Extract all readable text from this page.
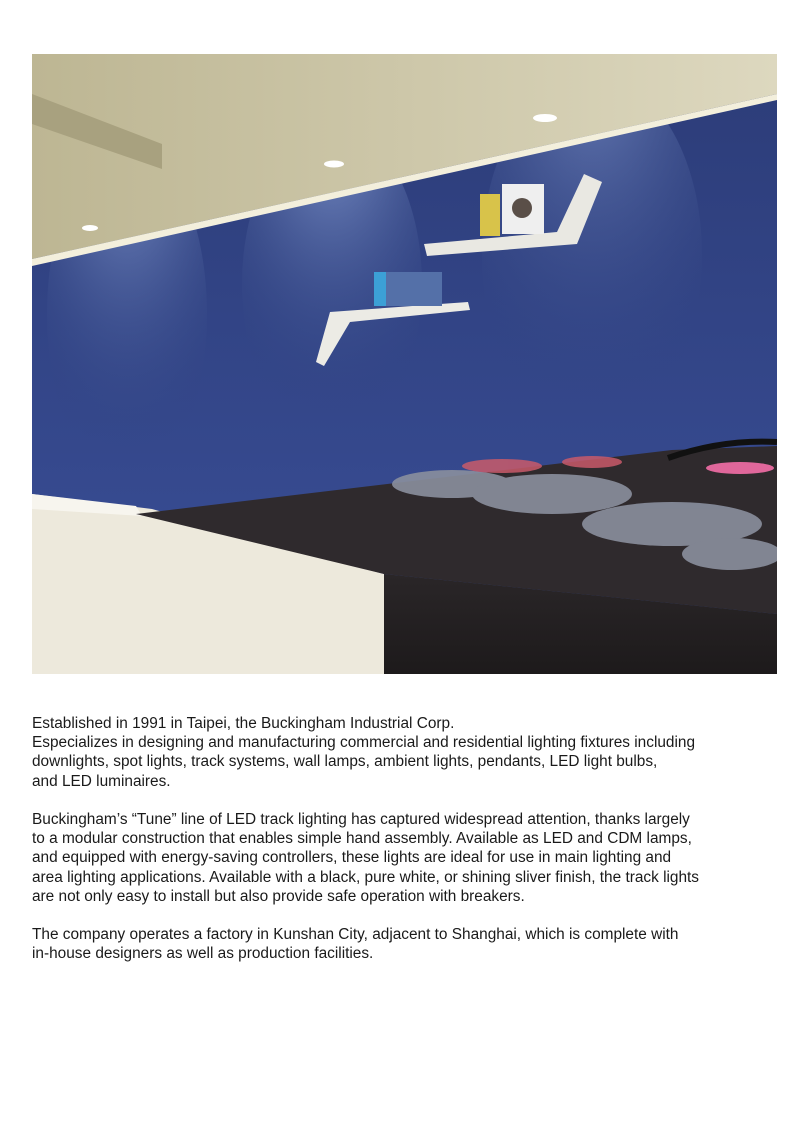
Established in 1991 in Taipei, the Buckingham Industrial Corp.
Especializes in designing and manufacturing commercial and residential lighting fixtures including
downlights, spot lights, track systems, wall lamps, ambient lights, pendants, LED light bulbs,
and LED luminaires.

Buckingham’s “Tune” line of LED track lighting has captured widespread attention, thanks largely
to a modular construction that enables simple hand assembly. Available as LED and CDM lamps,
and equipped with energy-saving controllers, these lights are ideal for use in main lighting and
area lighting applications. Available with a black, pure white, or shining sliver finish, the track lights
are not only easy to install but also provide safe operation with breakers.

The company operates a factory in Kunshan City, adjacent to Shanghai, which is complete with
in-house designers as well as production facilities.
